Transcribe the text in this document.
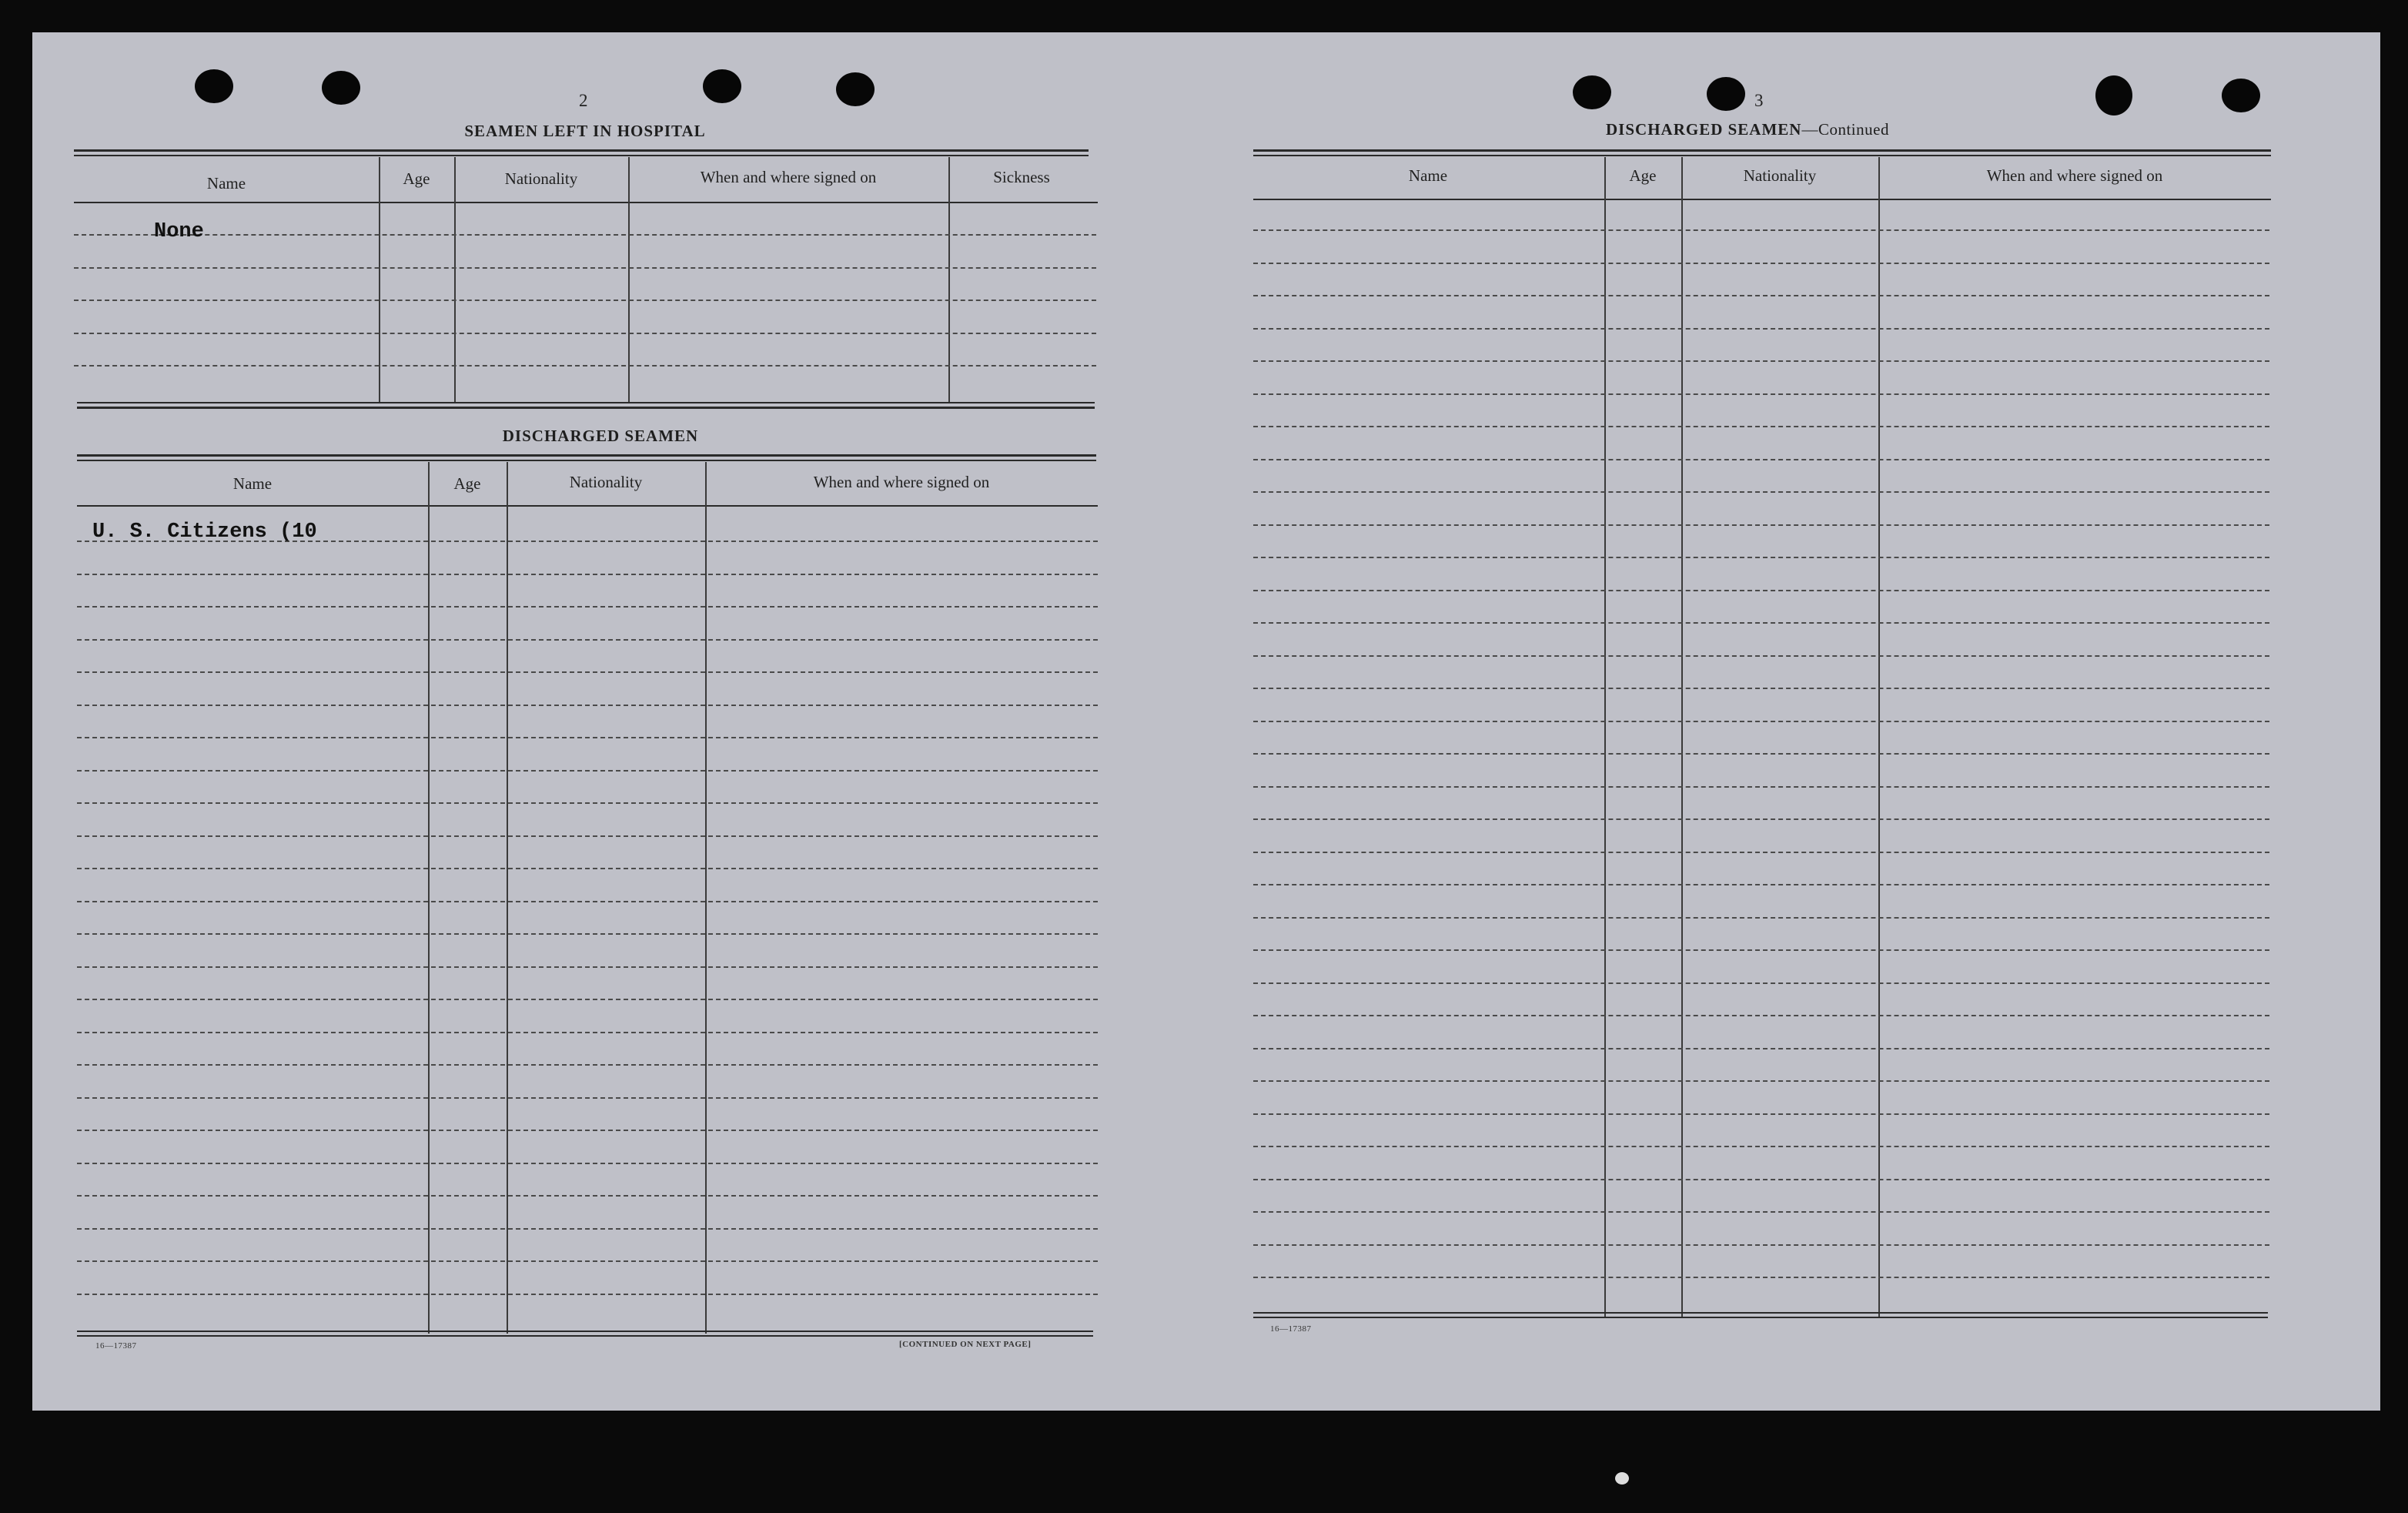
2
SEAMEN LEFT IN HOSPITAL
Name	Age	Nationality	When and where signed on	Sickness
None
DISCHARGED SEAMEN
Name	Age	Nationality	When and where signed on
U. S. Citizens (10
16—17387	[CONTINUED ON NEXT PAGE]
3
DISCHARGED SEAMEN—Continued
Name	Age	Nationality	When and where signed on
16—17387
